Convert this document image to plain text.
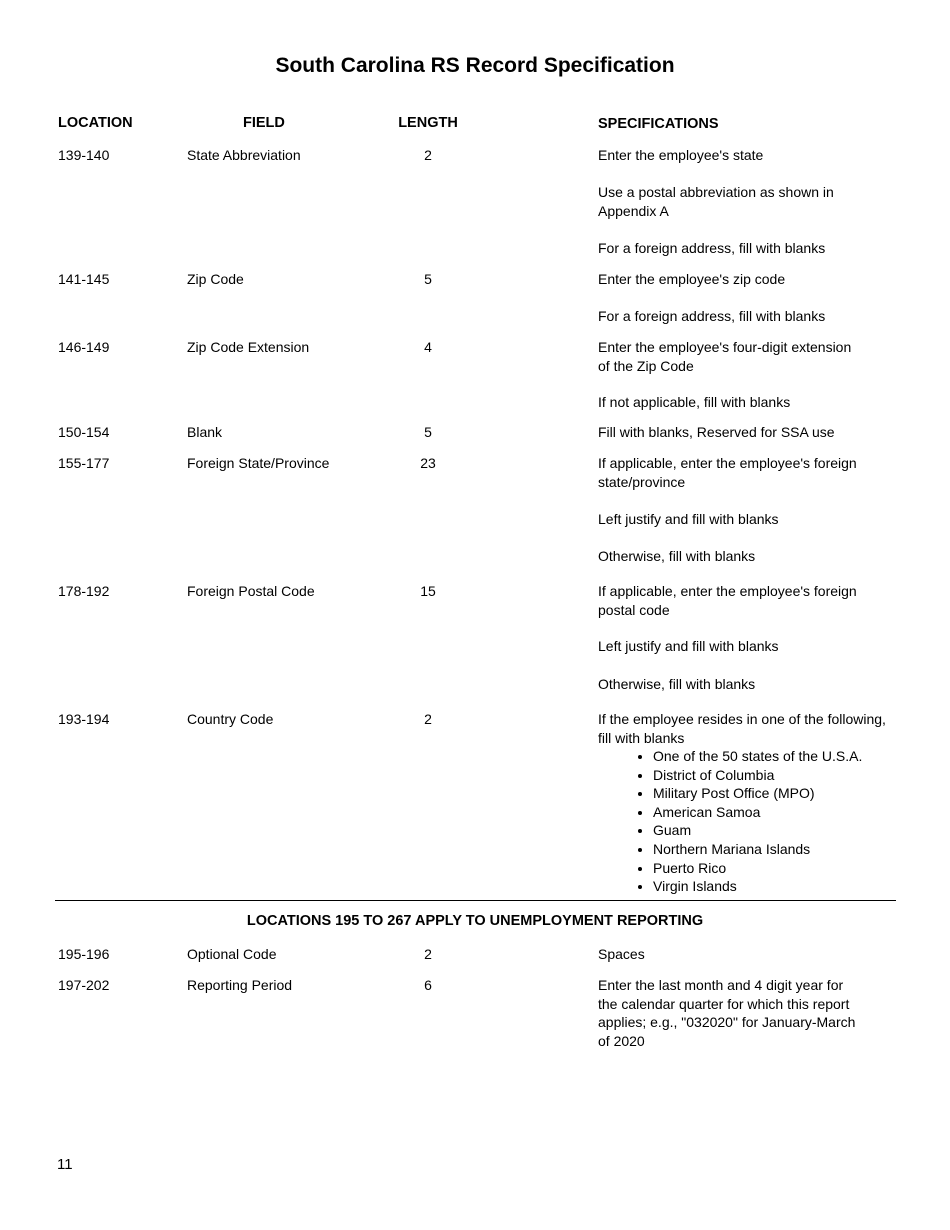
South Carolina RS Record Specification
LOCATION	FIELD	LENGTH	SPECIFICATIONS
139-140	State Abbreviation	2	Enter the employee's state
Use a postal abbreviation as shown in Appendix A
For a foreign address, fill with blanks
141-145	Zip Code	5	Enter the employee's zip code
For a foreign address, fill with blanks
146-149	Zip Code Extension	4	Enter the employee's four-digit extension of the Zip Code
If not applicable, fill with blanks
150-154	Blank	5	Fill with blanks, Reserved for SSA use
155-177	Foreign State/Province	23	If applicable, enter the employee's foreign state/province
Left justify and fill with blanks
Otherwise, fill with blanks
178-192	Foreign Postal Code	15	If applicable, enter the employee's foreign postal code
Left justify and fill with blanks
Otherwise, fill with blanks
193-194	Country Code	2	If the employee resides in one of the following, fill with blanks

• One of the 50 states of the U.S.A.
• District of Columbia
• Military Post Office (MPO)
• American Samoa
• Guam
• Northern Mariana Islands
• Puerto Rico
• Virgin Islands
LOCATIONS 195 TO 267 APPLY TO UNEMPLOYMENT REPORTING
195-196	Optional Code	2	Spaces
197-202	Reporting Period	6	Enter the last month and 4 digit year for the calendar quarter for which this report applies; e.g., "032020" for January-March of 2020
11
